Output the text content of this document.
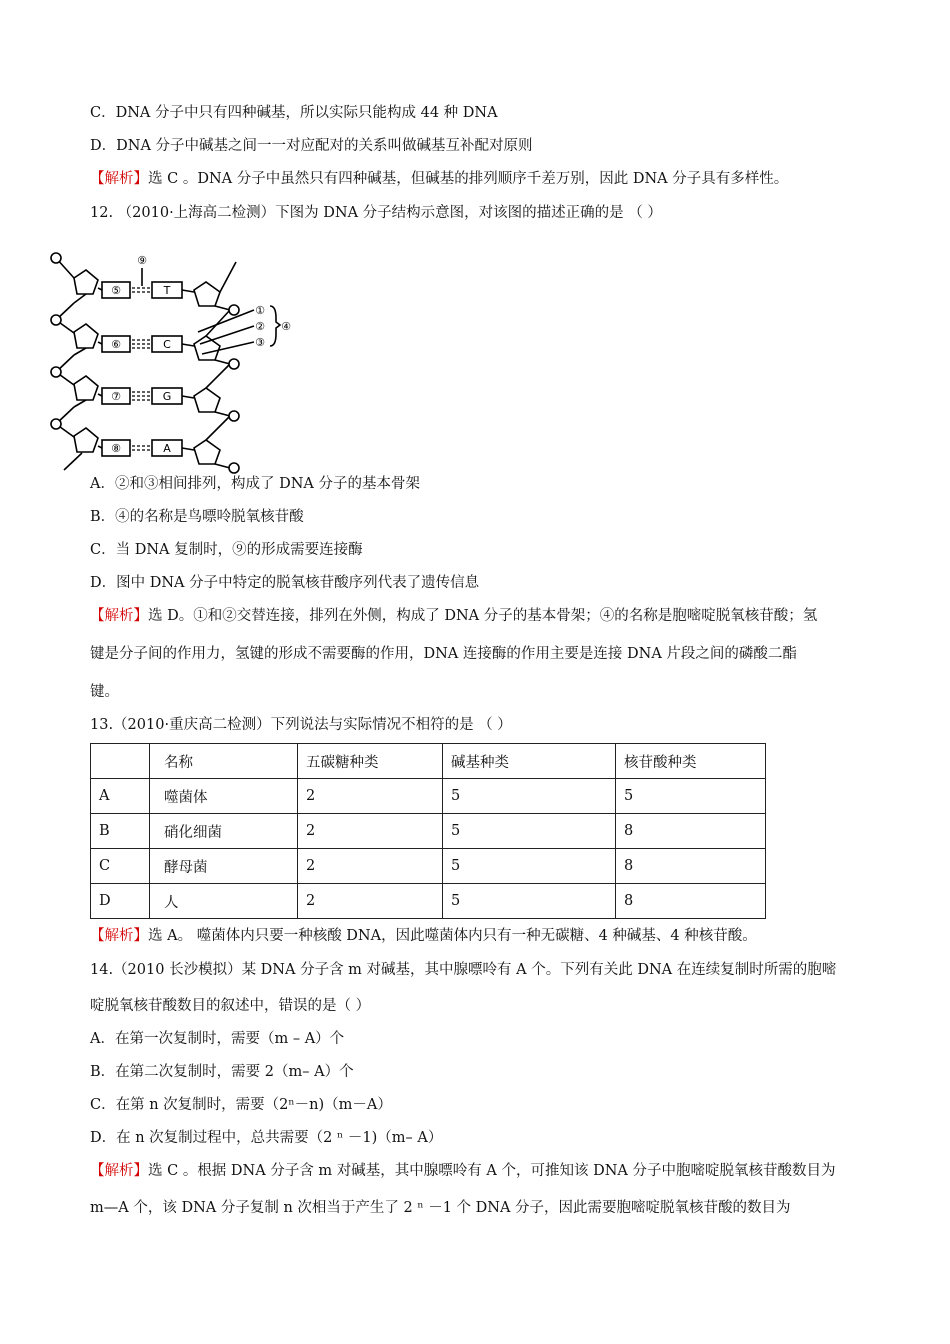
C．DNA 分子中只有四种碱基，所以实际只能构成 44 种 DNA
D．DNA 分子中碱基之间一一对应配对的关系叫做碱基互补配对原则
【解析】选 C 。DNA 分子中虽然只有四种碱基，但碱基的排列顺序千差万别，因此 DNA 分子具有多样性。
12. （2010·上海高二检测）下图为 DNA 分子结构示意图，对该图的描述正确的是 （ ）
⑤
⑥
⑦
⑧
T
C
G
A
⑨
①
②
③
④
A．②和③相间排列，构成了 DNA 分子的基本骨架
B．④的名称是鸟嘌呤脱氧核苷酸
C．当 DNA 复制时，⑨的形成需要连接酶
D．图中 DNA 分子中特定的脱氧核苷酸序列代表了遗传信息
【解析】选 D。①和②交替连接，排列在外侧，构成了 DNA 分子的基本骨架；④的名称是胞嘧啶脱氧核苷酸；氢
键是分子间的作用力，氢键的形成不需要酶的作用，DNA 连接酶的作用主要是连接 DNA 片段之间的磷酸二酯
键。
13.（2010·重庆高二检测）下列说法与实际情况不相符的是 （ ）
	名称	五碳糖种类	碱基种类	核苷酸种类
A	噬菌体	2	5	5
B	硝化细菌	2	5	8
C	酵母菌	2	5	8
D	人	2	5	8
【解析】选 A。 噬菌体内只要一种核酸 DNA，因此噬菌体内只有一种无碳糖、4 种碱基、4 种核苷酸。
14.（2010 长沙模拟）某 DNA 分子含 m 对碱基，其中腺嘌呤有 A 个。下列有关此 DNA 在连续复制时所需的胞嘧
啶脱氧核苷酸数目的叙述中，错误的是（ ）
A．在第一次复制时，需要（m – A）个
B．在第二次复制时，需要 2（m– A）个
C．在第 n 次复制时，需要（2ⁿ－n)（m－A）
D．在 n 次复制过程中，总共需要（2 ⁿ －1)（m– A）
【解析】选 C 。根据 DNA 分子含 m 对碱基，其中腺嘌呤有 A 个，可推知该 DNA 分子中胞嘧啶脱氧核苷酸数目为
m—A 个，该 DNA 分子复制 n 次相当于产生了 2 ⁿ －1 个 DNA 分子，因此需要胞嘧啶脱氧核苷酸的数目为
